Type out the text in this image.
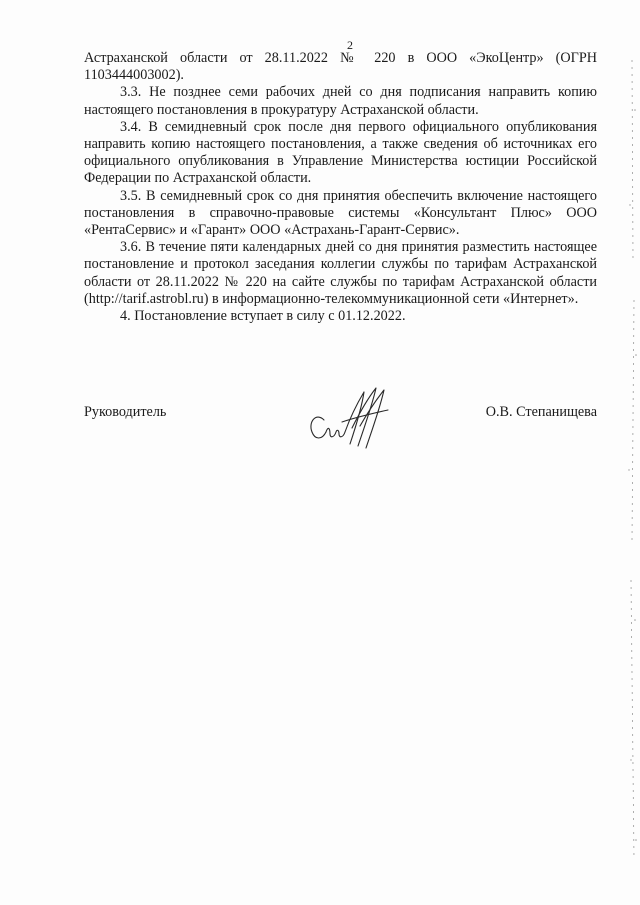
2

Астраханской области от 28.11.2022 № 220 в ООО «ЭкоЦентр» (ОГРН 1103444003002).

3.3. Не позднее семи рабочих дней со дня подписания направить копию настоящего постановления в прокуратуру Астраханской области.

3.4. В семидневный срок после дня первого официального опубликования направить копию настоящего постановления, а также сведения об источниках его официального опубликования в Управление Министерства юстиции Российской Федерации по Астраханской области.

3.5. В семидневный срок со дня принятия обеспечить включение настоящего постановления в справочно-правовые системы «Консультант Плюс» ООО «РентаСервис» и «Гарант» ООО «Астрахань-Гарант-Сервис».

3.6. В течение пяти календарных дней со дня принятия разместить настоящее постановление и протокол заседания коллегии службы по тарифам Астраханской области от 28.11.2022 № 220 на сайте службы по тарифам Астраханской области (http://tarif.astrobl.ru) в информационно-телекоммуникационной сети «Интернет».

4. Постановление вступает в силу с 01.12.2022.

Руководитель	О.В. Степанищева
